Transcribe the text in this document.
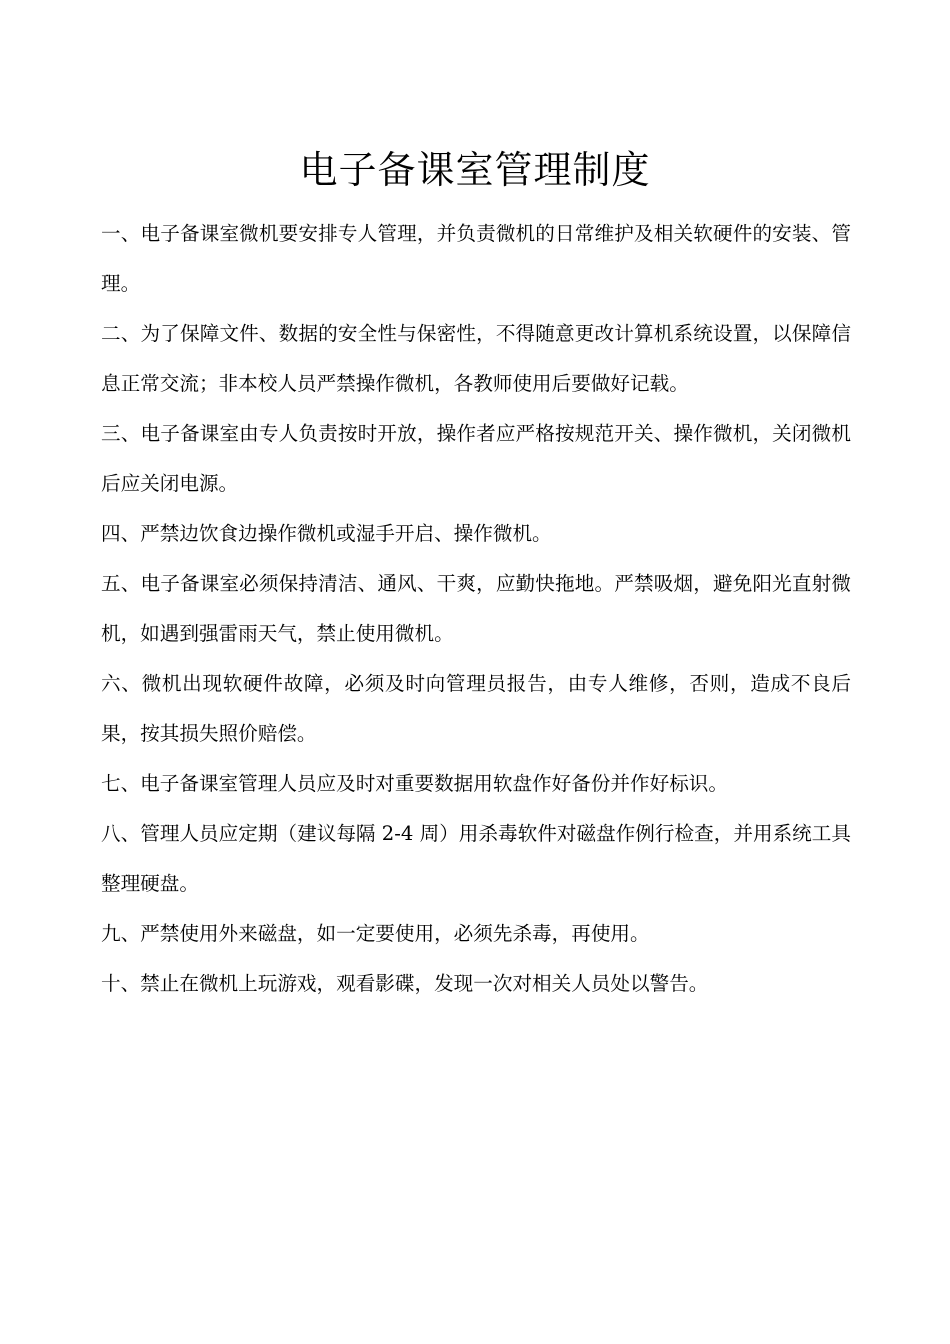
电子备课室管理制度

一、电子备课室微机要安排专人管理，并负责微机的日常维护及相关软硬件的安装、管理。

二、为了保障文件、数据的安全性与保密性，不得随意更改计算机系统设置，以保障信息正常交流；非本校人员严禁操作微机，各教师使用后要做好记载。

三、电子备课室由专人负责按时开放，操作者应严格按规范开关、操作微机，关闭微机后应关闭电源。

四、严禁边饮食边操作微机或湿手开启、操作微机。

五、电子备课室必须保持清洁、通风、干爽，应勤快拖地。严禁吸烟，避免阳光直射微机，如遇到强雷雨天气，禁止使用微机。

六、微机出现软硬件故障，必须及时向管理员报告，由专人维修，否则，造成不良后果，按其损失照价赔偿。

七、电子备课室管理人员应及时对重要数据用软盘作好备份并作好标识。

八、管理人员应定期（建议每隔 2-4 周）用杀毒软件对磁盘作例行检查，并用系统工具整理硬盘。

九、严禁使用外来磁盘，如一定要使用，必须先杀毒，再使用。

十、禁止在微机上玩游戏，观看影碟，发现一次对相关人员处以警告。
